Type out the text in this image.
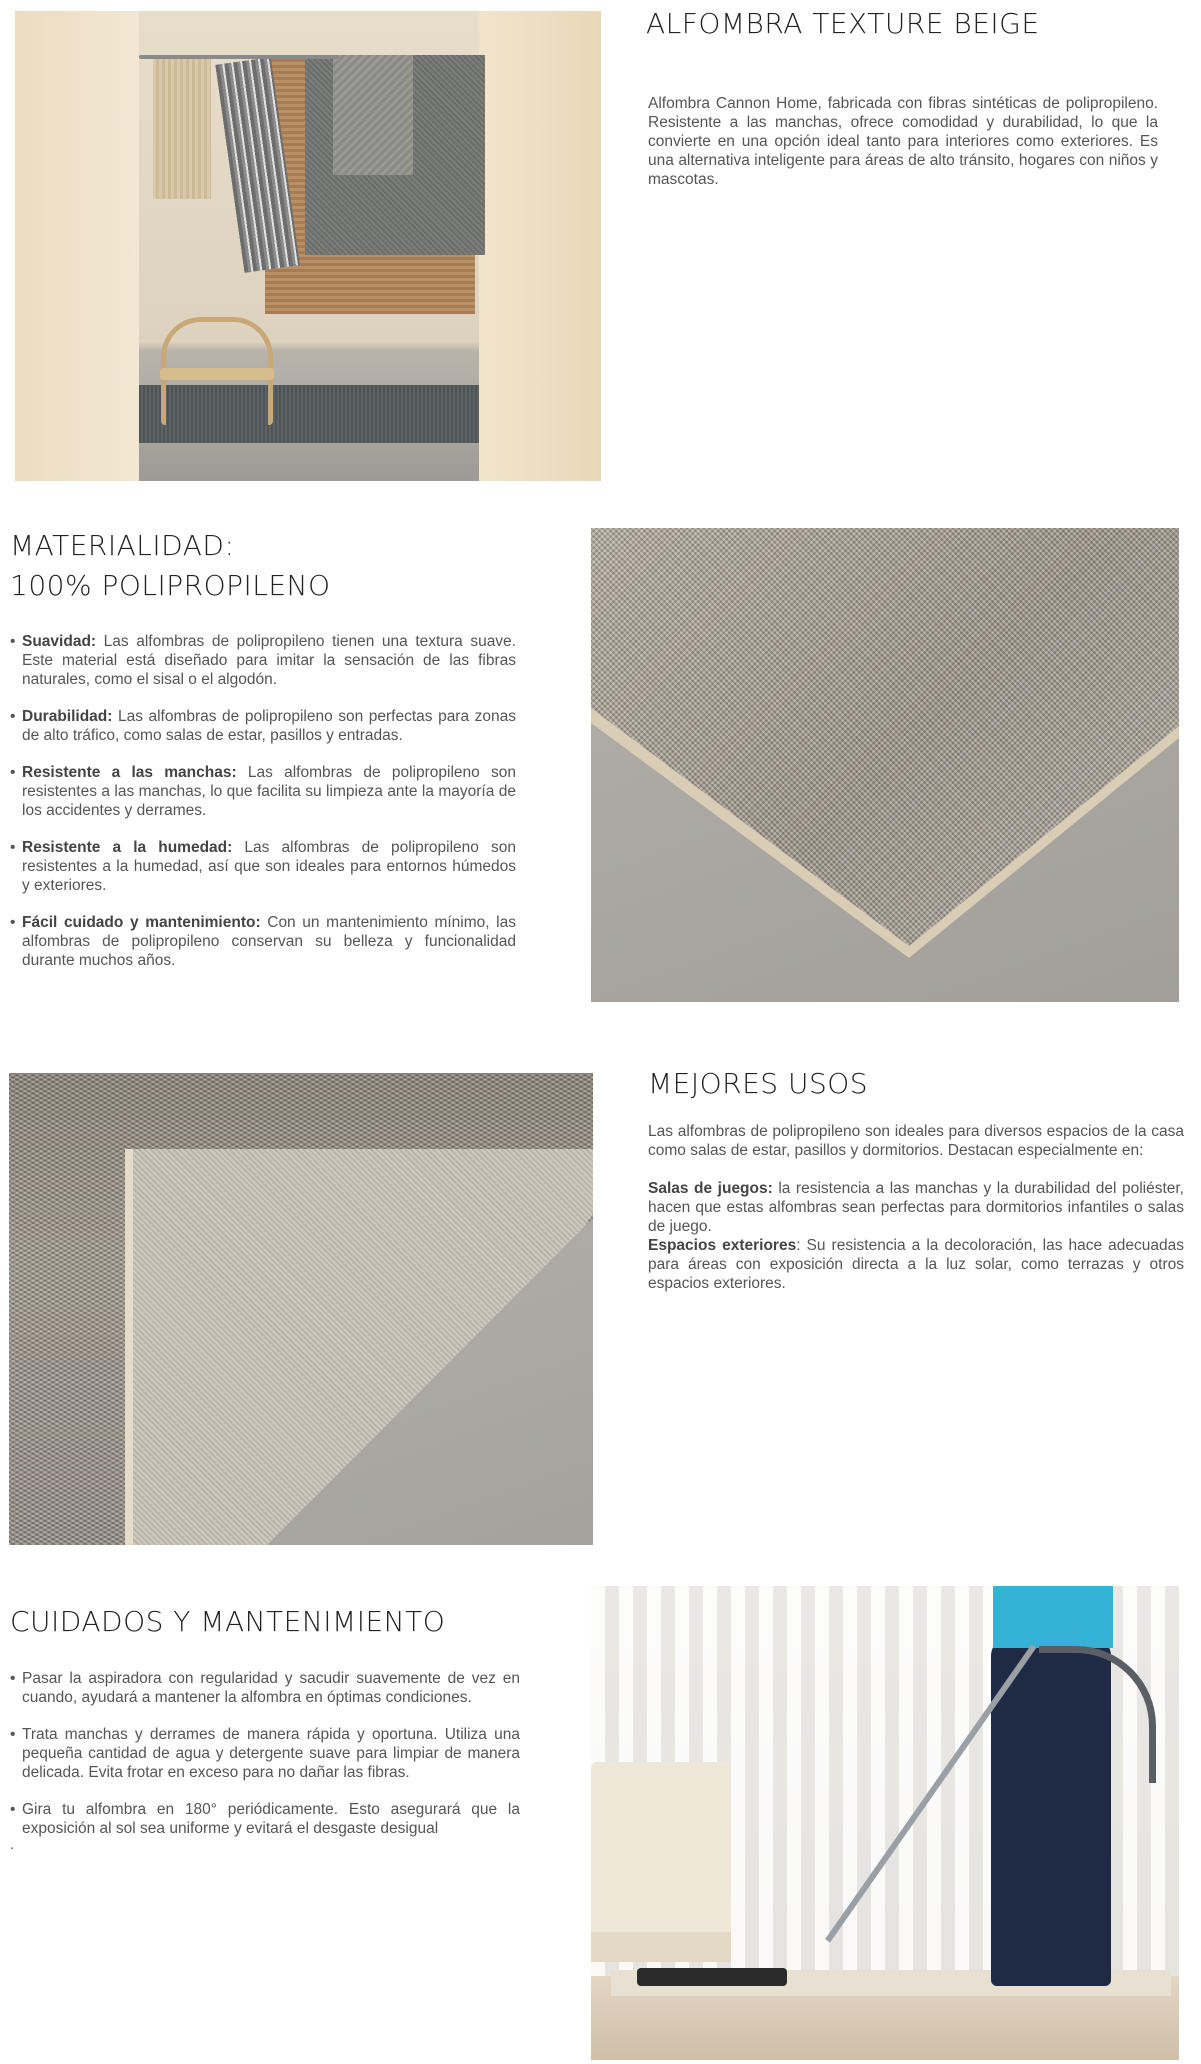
ALFOMBRA TEXTURE BEIGE
Alfombra Cannon Home, fabricada con fibras sintéticas de polipropileno. Resistente a las manchas, ofrece comodidad y durabilidad, lo que la convierte en una opción ideal tanto para interiores como exteriores. Es una alternativa inteligente para áreas de alto tránsito, hogares con niños y mascotas.
MATERIALIDAD:
100% POLIPROPILENO
• Suavidad: Las alfombras de polipropileno tienen una textura suave. Este material está diseñado para imitar la sensación de las fibras naturales, como el sisal o el algodón.
• Durabilidad: Las alfombras de polipropileno son perfectas para zonas de alto tráfico, como salas de estar, pasillos y entradas.
• Resistente a las manchas: Las alfombras de polipropileno son resistentes a las manchas, lo que facilita su limpieza ante la mayoría de los accidentes y derrames.
• Resistente a la humedad: Las alfombras de polipropileno son resistentes a la humedad, así que son ideales para entornos húmedos y exteriores.
• Fácil cuidado y mantenimiento: Con un mantenimiento mínimo, las alfombras de polipropileno conservan su belleza y funcionalidad durante muchos años.
MEJORES USOS
Las alfombras de polipropileno son ideales para diversos espacios de la casa como salas de estar, pasillos y dormitorios. Destacan especialmente en:
Salas de juegos: la resistencia a las manchas y la durabilidad del poliéster, hacen que estas alfombras sean perfectas para dormitorios infantiles o salas de juego.
Espacios exteriores: Su resistencia a la decoloración, las hace adecuadas para áreas con exposición directa a la luz solar, como terrazas y otros espacios exteriores.
CUIDADOS Y MANTENIMIENTO
• Pasar la aspiradora con regularidad y sacudir suavemente de vez en cuando, ayudará a mantener la alfombra en óptimas condiciones.
• Trata manchas y derrames de manera rápida y oportuna. Utiliza una pequeña cantidad de agua y detergente suave para limpiar de manera delicada. Evita frotar en exceso para no dañar las fibras.
• Gira tu alfombra en 180° periódicamente. Esto asegurará que la exposición al sol sea uniforme y evitará el desgaste desigual
.
